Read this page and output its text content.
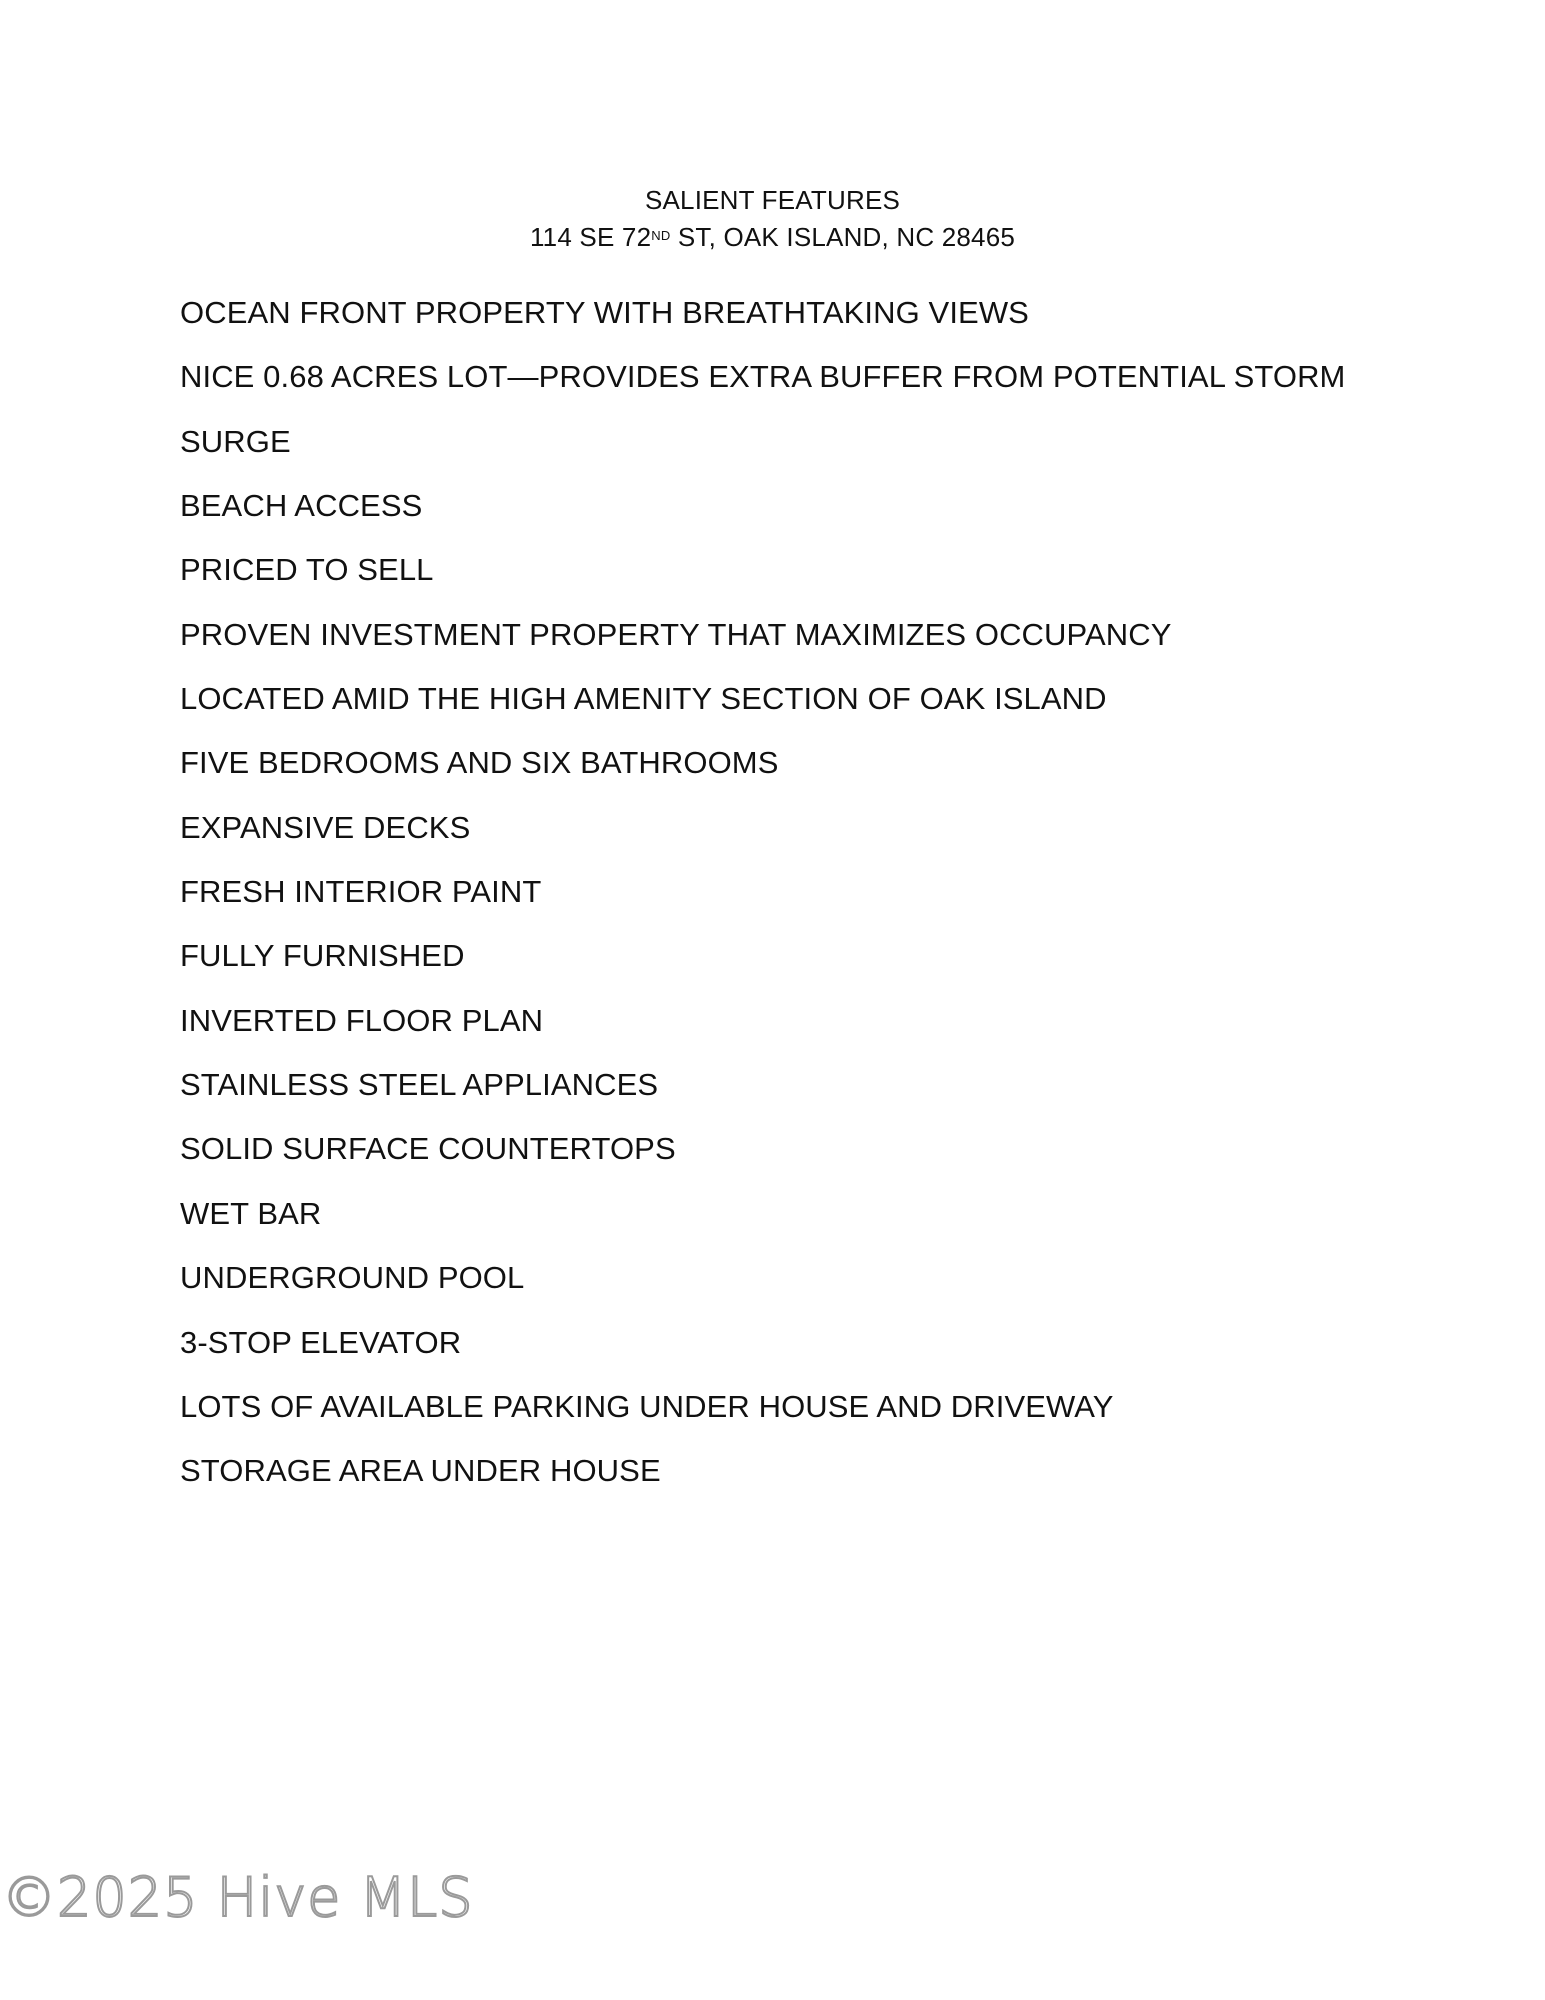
SALIENT FEATURES
114 SE 72ND ST, OAK ISLAND, NC 28465
OCEAN FRONT PROPERTY WITH BREATHTAKING VIEWS
NICE 0.68 ACRES LOT—PROVIDES EXTRA BUFFER FROM POTENTIAL STORM
SURGE
BEACH ACCESS
PRICED TO SELL
PROVEN INVESTMENT PROPERTY THAT MAXIMIZES OCCUPANCY
LOCATED AMID THE HIGH AMENITY SECTION OF OAK ISLAND
FIVE BEDROOMS AND SIX BATHROOMS
EXPANSIVE DECKS
FRESH INTERIOR PAINT
FULLY FURNISHED
INVERTED FLOOR PLAN
STAINLESS STEEL APPLIANCES
SOLID SURFACE COUNTERTOPS
WET BAR
UNDERGROUND POOL
3-STOP ELEVATOR
LOTS OF AVAILABLE PARKING UNDER HOUSE AND DRIVEWAY
STORAGE AREA UNDER HOUSE
©2025 Hive MLS
